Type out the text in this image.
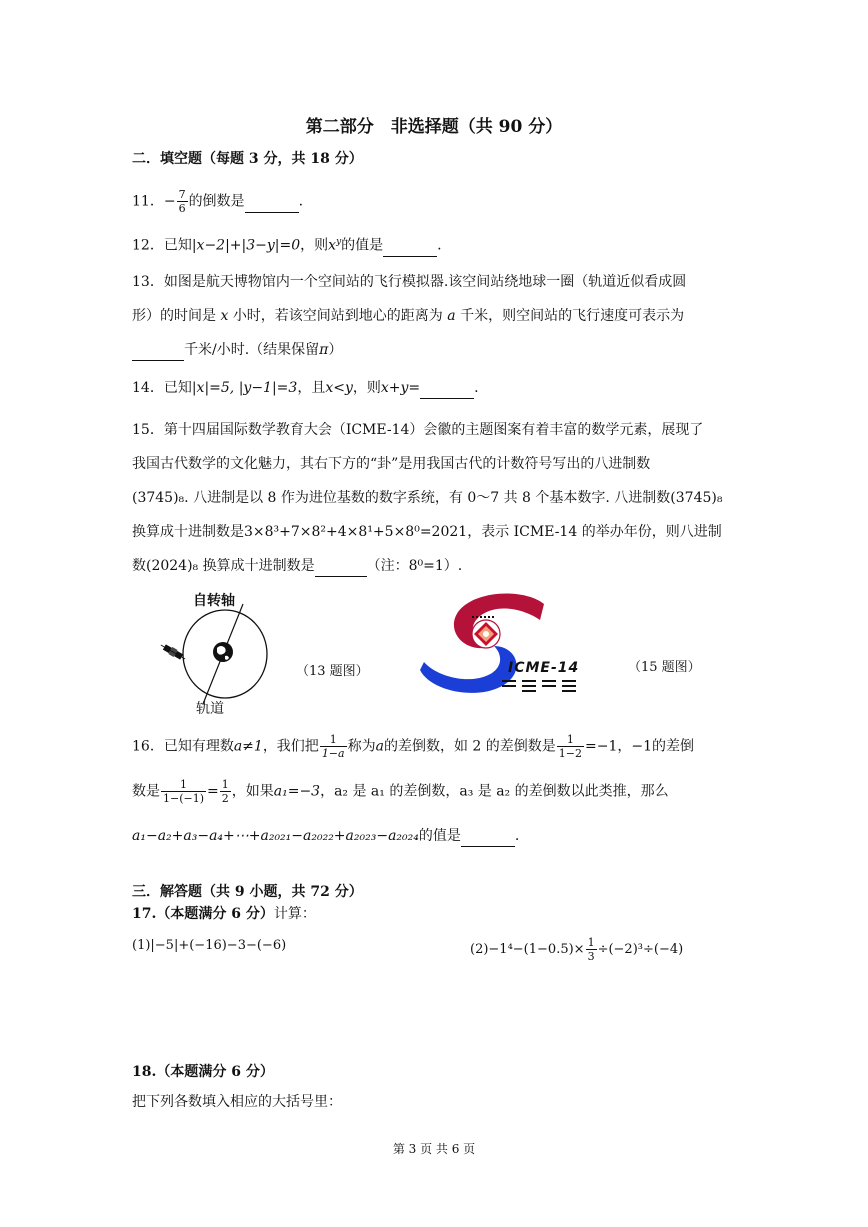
第二部分　非选择题（共 90 分）
二．填空题（每题 3 分，共 18 分）
11．− $\frac{7}{6}$ 的倒数是	.
12．已知|x−2|+|3−y|=0，则$x^y$的值是	.
13．如图是航天博物馆内一个空间站的飞行模拟器.该空间站绕地球一圈（轨道近似看成圆
形）的时间是 x 小时，若该空间站到地心的距离为 a 千米，则空间站的飞行速度可表示为
千米/小时.（结果保留π）
14．已知|x|=5, |y−1|=3，且x<y，则x+y=	.
15．第十四届国际数学教育大会（ICME-14）会徽的主题图案有着丰富的数学元素，展现了
我国古代数学的文化魅力，其右下方的“卦”是用我国古代的计数符号写出的八进制数
(3745)₈. 八进制是以 8 作为进位基数的数字系统，有 0～7 共 8 个基本数字. 八进制数(3745)₈
换算成十进制数是3×8³+7×8²+4×8¹+5×8⁰=2021，表示 ICME-14 的举办年份，则八进制
数(2024)₈ 换算成十进制数是	（注：8⁰=1）.
自转轴
轨道
（13 题图）	ICME-14	（15 题图）
16．已知有理数a≠1，我们把 $\frac{1}{1-a}$ 称为a的差倒数，如 2 的差倒数是 $\frac{1}{1-2} =-1$，−1的差倒
数是 $\frac{1}{1-(-1)} = \frac{1}{2}$ ，如果a₁=−3，a₂ 是 a₁ 的差倒数，a₃ 是 a₂ 的差倒数以此类推，那么
a₁−a₂+a₃−a₄+⋯+a₂₀₂₁−a₂₀₂₂+a₂₀₂₃−a₂₀₂₄的值是	.
三．解答题（共 9 小题，共 72 分）
17.（本题满分 6 分）计算：
(1)|−5|+(−16)−3−(−6)	$(2)-1^4-(1-0.5)\times \frac{1}{3} \div(-2)^3\div(-4)$
18.（本题满分 6 分）
把下列各数填入相应的大括号里：
第 3 页 共 6 页
